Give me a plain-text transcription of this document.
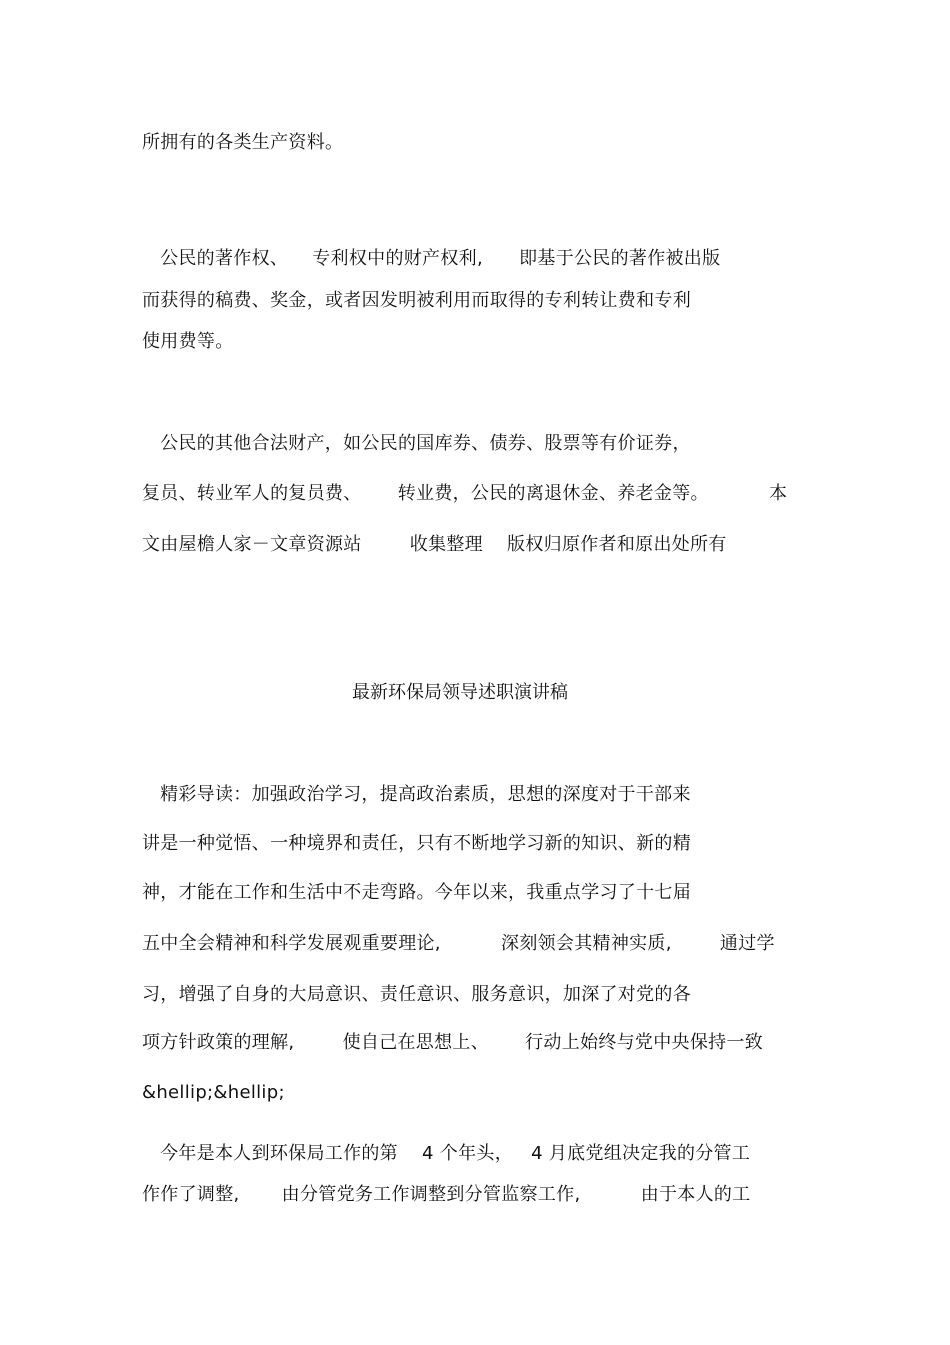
所拥有的各类生产资料。
公民的著作权、    专利权中的财产权利,      即基于公民的著作被出版
而获得的稿费、奖金，或者因发明被利用而取得的专利转让费和专利
使用费等。
公民的其他合法财产，如公民的国库券、债券、股票等有价证券，
复员、转业军人的复员费、      转业费，公民的离退休金、养老金等。          本
文由屋檐人家－文章资源站        收集整理    版权归原作者和原出处所有
最新环保局领导述职演讲稿
精彩导读：加强政治学习，提高政治素质，思想的深度对于干部来
讲是一种觉悟、一种境界和责任，只有不断地学习新的知识、新的精
神，才能在工作和生活中不走弯路。今年以来，我重点学习了十七届
五中全会精神和科学发展观重要理论,          深刻领会其精神实质,        通过学
习，增强了自身的大局意识、责任意识、服务意识，加深了对党的各
项方针政策的理解,        使自己在思想上、      行动上始终与党中央保持一致
&hellip;&hellip;
今年是本人到环保局工作的第    4 个年头，   4 月底党组决定我的分管工
作作了调整,       由分管党务工作调整到分管监察工作,          由于本人的工
